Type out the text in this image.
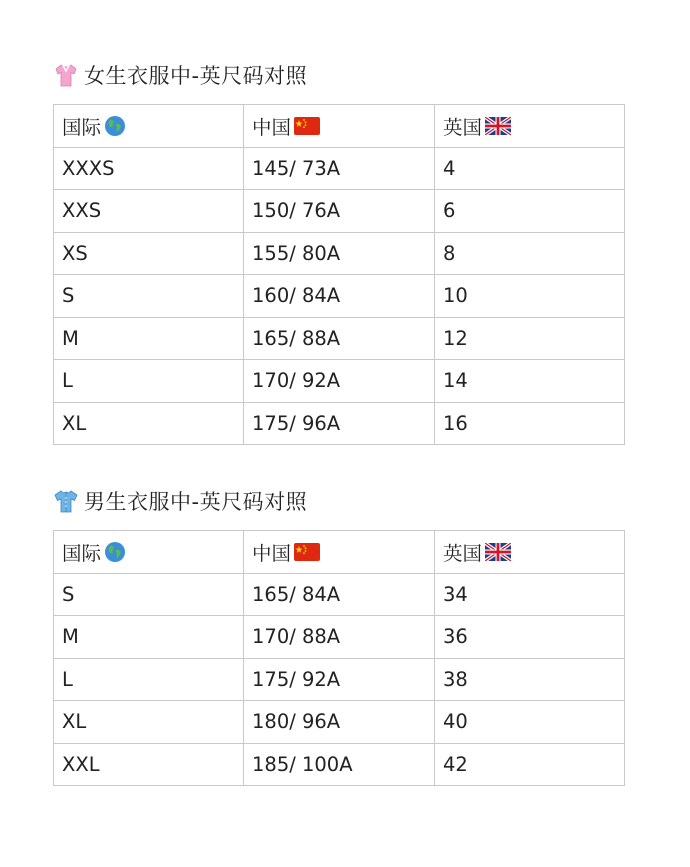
女生衣服中-英尺码对照
国际	中国	英国

XXXS	145/ 73A	4
XXS	150/ 76A	6
XS	155/ 80A	8
S	160/ 84A	10
M	165/ 88A	12
L	170/ 92A	14
XL	175/ 96A	16
男生衣服中-英尺码对照
国际	中国	英国

S	165/ 84A	34
M	170/ 88A	36
L	175/ 92A	38
XL	180/ 96A	40
XXL	185/ 100A	42
